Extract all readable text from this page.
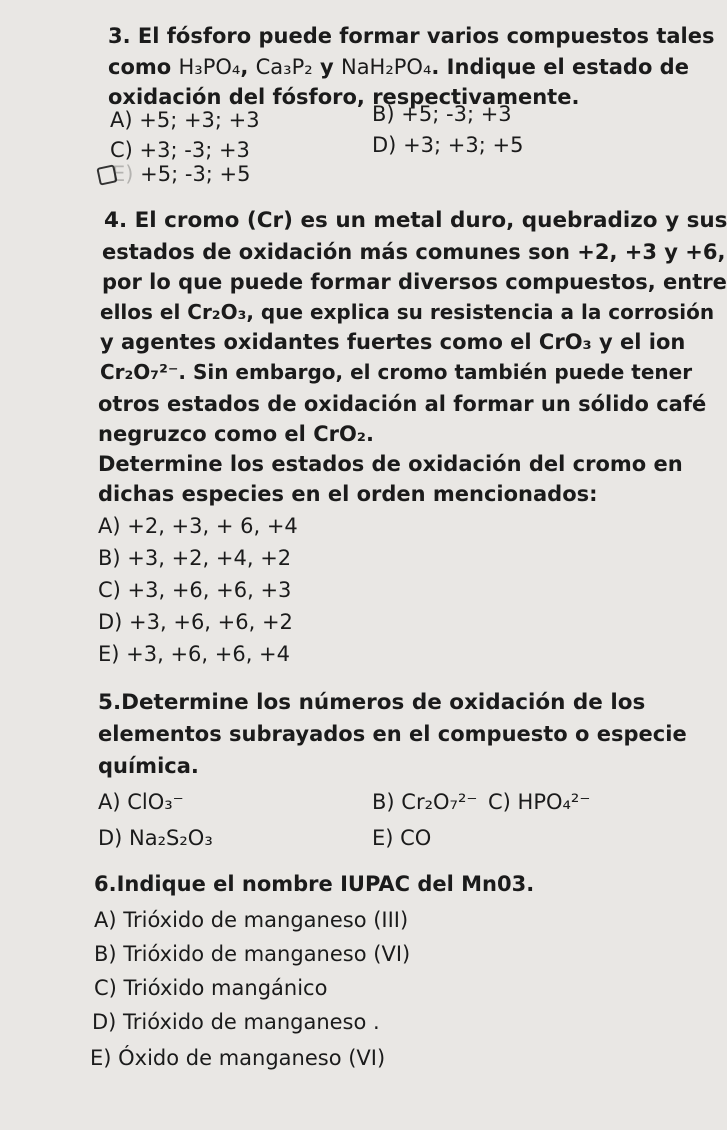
3. El fósforo puede formar varios compuestos tales
como H₃PO₄, Ca₃P₂ y NaH₂PO₄. Indique el estado de
oxidación del fósforo, respectivamente.
A) +5; +3; +3	B) +5; -3; +3
C) +3; -3; +3	D) +3; +3; +5
E) +5; -3; +5
4. El cromo (Cr) es un metal duro, quebradizo y sus
estados de oxidación más comunes son +2, +3 y +6,
por lo que puede formar diversos compuestos, entre
ellos el Cr₂O₃, que explica su resistencia a la corrosión
y agentes oxidantes fuertes como el CrO₃ y el ion
Cr₂O₇²⁻. Sin embargo, el cromo también puede tener
otros estados de oxidación al formar un sólido café
negruzco como el CrO₂.
Determine los estados de oxidación del cromo en
dichas especies en el orden mencionados:
A) +2, +3, + 6, +4
B) +3, +2, +4, +2
C) +3, +6, +6, +3
D) +3, +6, +6, +2
E) +3, +6, +6, +4
5.Determine los números de oxidación de los
elementos subrayados en el compuesto o especie
química.
A) ClO₃⁻	B) Cr₂O₇²⁻ C) HPO₄²⁻
D) Na₂S₂O₃	E) CO
6.Indique el nombre IUPAC del Mn03.
A) Trióxido de manganeso (III)
B) Trióxido de manganeso (VI)
C) Trióxido mangánico
D) Trióxido de manganeso .
E) Óxido de manganeso (VI)
